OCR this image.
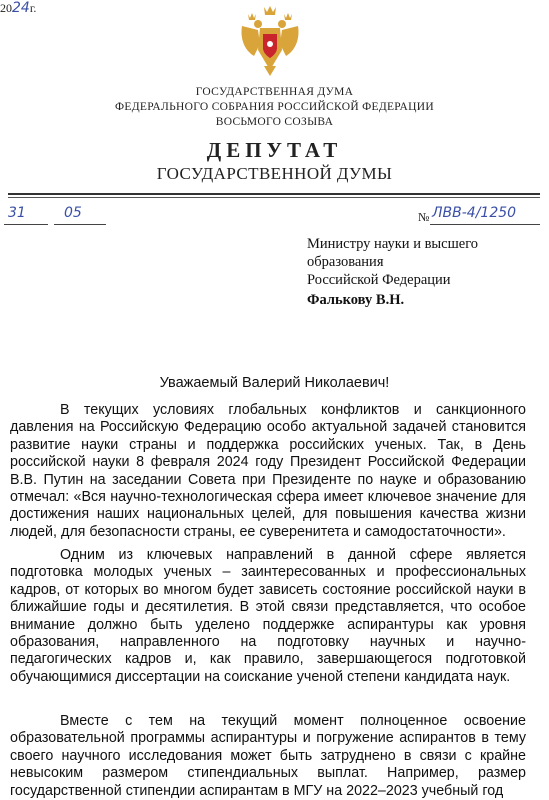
ГОСУДАРСТВЕННАЯ ДУМА
ФЕДЕРАЛЬНОГО СОБРАНИЯ РОССИЙСКОЙ ФЕДЕРАЦИИ
ВОСЬМОГО СОЗЫВА
ДЕПУТАТ
ГОСУДАРСТВЕННОЙ ДУМЫ
31	05
2024г.
№ ЛВВ-4/1250
Министру науки и высшего
образования
Российской Федерации
Фалькову В.Н.
Уважаемый Валерий Николаевич!

В текущих условиях глобальных конфликтов и санкционного давления на Российскую Федерацию особо актуальной задачей становится развитие науки страны и поддержка российских ученых. Так, в День российской науки 8 февраля 2024 году Президент Российской Федерации В.В. Путин на заседании Совета при Президенте по науке и образованию отмечал: «Вся научно-технологическая сфера имеет ключевое значение для достижения наших национальных целей, для повышения качества жизни людей, для безопасности страны, ее суверенитета и самодостаточности».

Одним из ключевых направлений в данной сфере является подготовка молодых ученых – заинтересованных и профессиональных кадров, от которых во многом будет зависеть состояние российской науки в ближайшие годы и десятилетия. В этой связи представляется, что особое внимание должно быть уделено поддержке аспирантуры как уровня образования, направленного на подготовку научных и научно-педагогических кадров и, как правило, завершающегося подготовкой обучающимися диссертации на соискание ученой степени кандидата наук.

Вместе с тем на текущий момент полноценное освоение образовательной программы аспирантуры и погружение аспирантов в тему своего научного исследования может быть затруднено в связи с крайне невысоким размером стипендиальных выплат. Например, размер государственной стипендии аспирантам в МГУ на 2022–2023 учебный год
